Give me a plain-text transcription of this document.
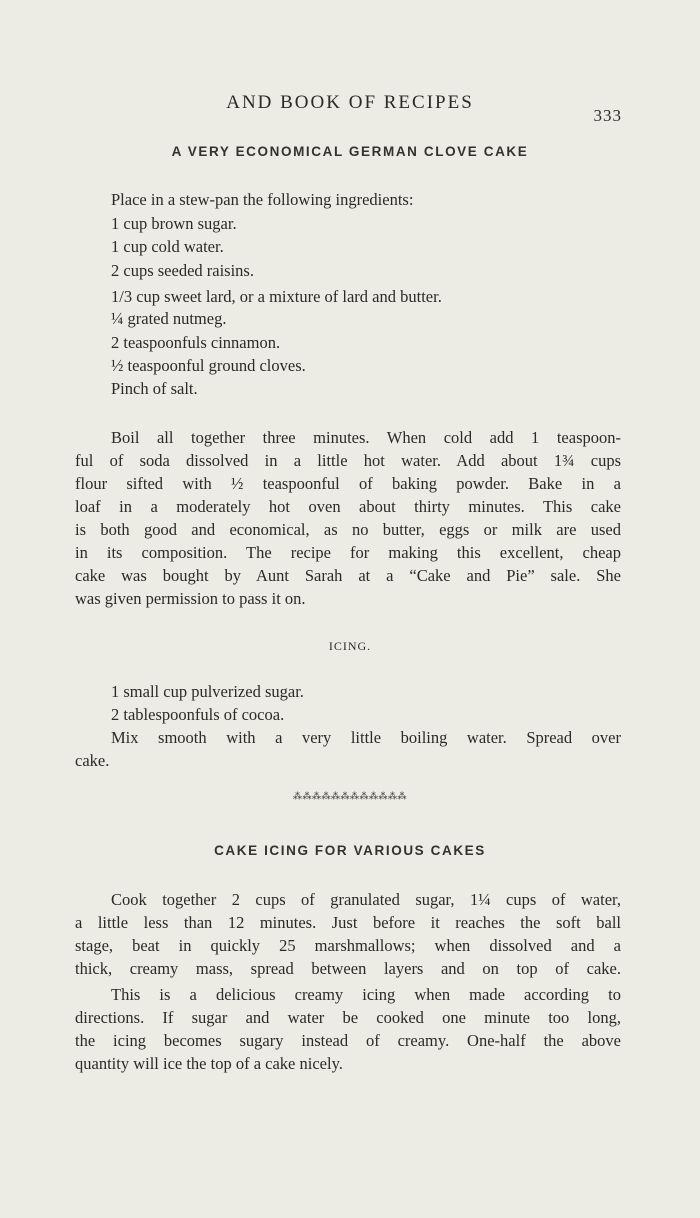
AND BOOK OF RECIPES
333
A VERY ECONOMICAL GERMAN CLOVE CAKE
Place in a stew-pan the following ingredients:
1 cup brown sugar.
1 cup cold water.
2 cups seeded raisins.
1/3 cup sweet lard, or a mixture of lard and butter.
¼ grated nutmeg.
2 teaspoonfuls cinnamon.
½ teaspoonful ground cloves.
Pinch of salt.
Boil all together three minutes. When cold add 1 teaspoon-
ful of soda dissolved in a little hot water. Add about 1¾ cups
flour sifted with ½ teaspoonful of baking powder. Bake in a
loaf in a moderately hot oven about thirty minutes. This cake
is both good and economical, as no butter, eggs or milk are used
in its composition. The recipe for making this excellent, cheap
cake was bought by Aunt Sarah at a “Cake and Pie” sale. She
was given permission to pass it on.
ICING.
1 small cup pulverized sugar.
2 tablespoonfuls of cocoa.
Mix smooth with a very little boiling water. Spread over
cake.
⁂⁂⁂⁂⁂⁂⁂⁂⁂⁂⁂⁂
CAKE ICING FOR VARIOUS CAKES
Cook together 2 cups of granulated sugar, 1¼ cups of water,
a little less than 12 minutes. Just before it reaches the soft ball
stage, beat in quickly 25 marshmallows; when dissolved and a
thick, creamy mass, spread between layers and on top of cake.
This is a delicious creamy icing when made according to
directions. If sugar and water be cooked one minute too long,
the icing becomes sugary instead of creamy. One-half the above
quantity will ice the top of a cake nicely.
